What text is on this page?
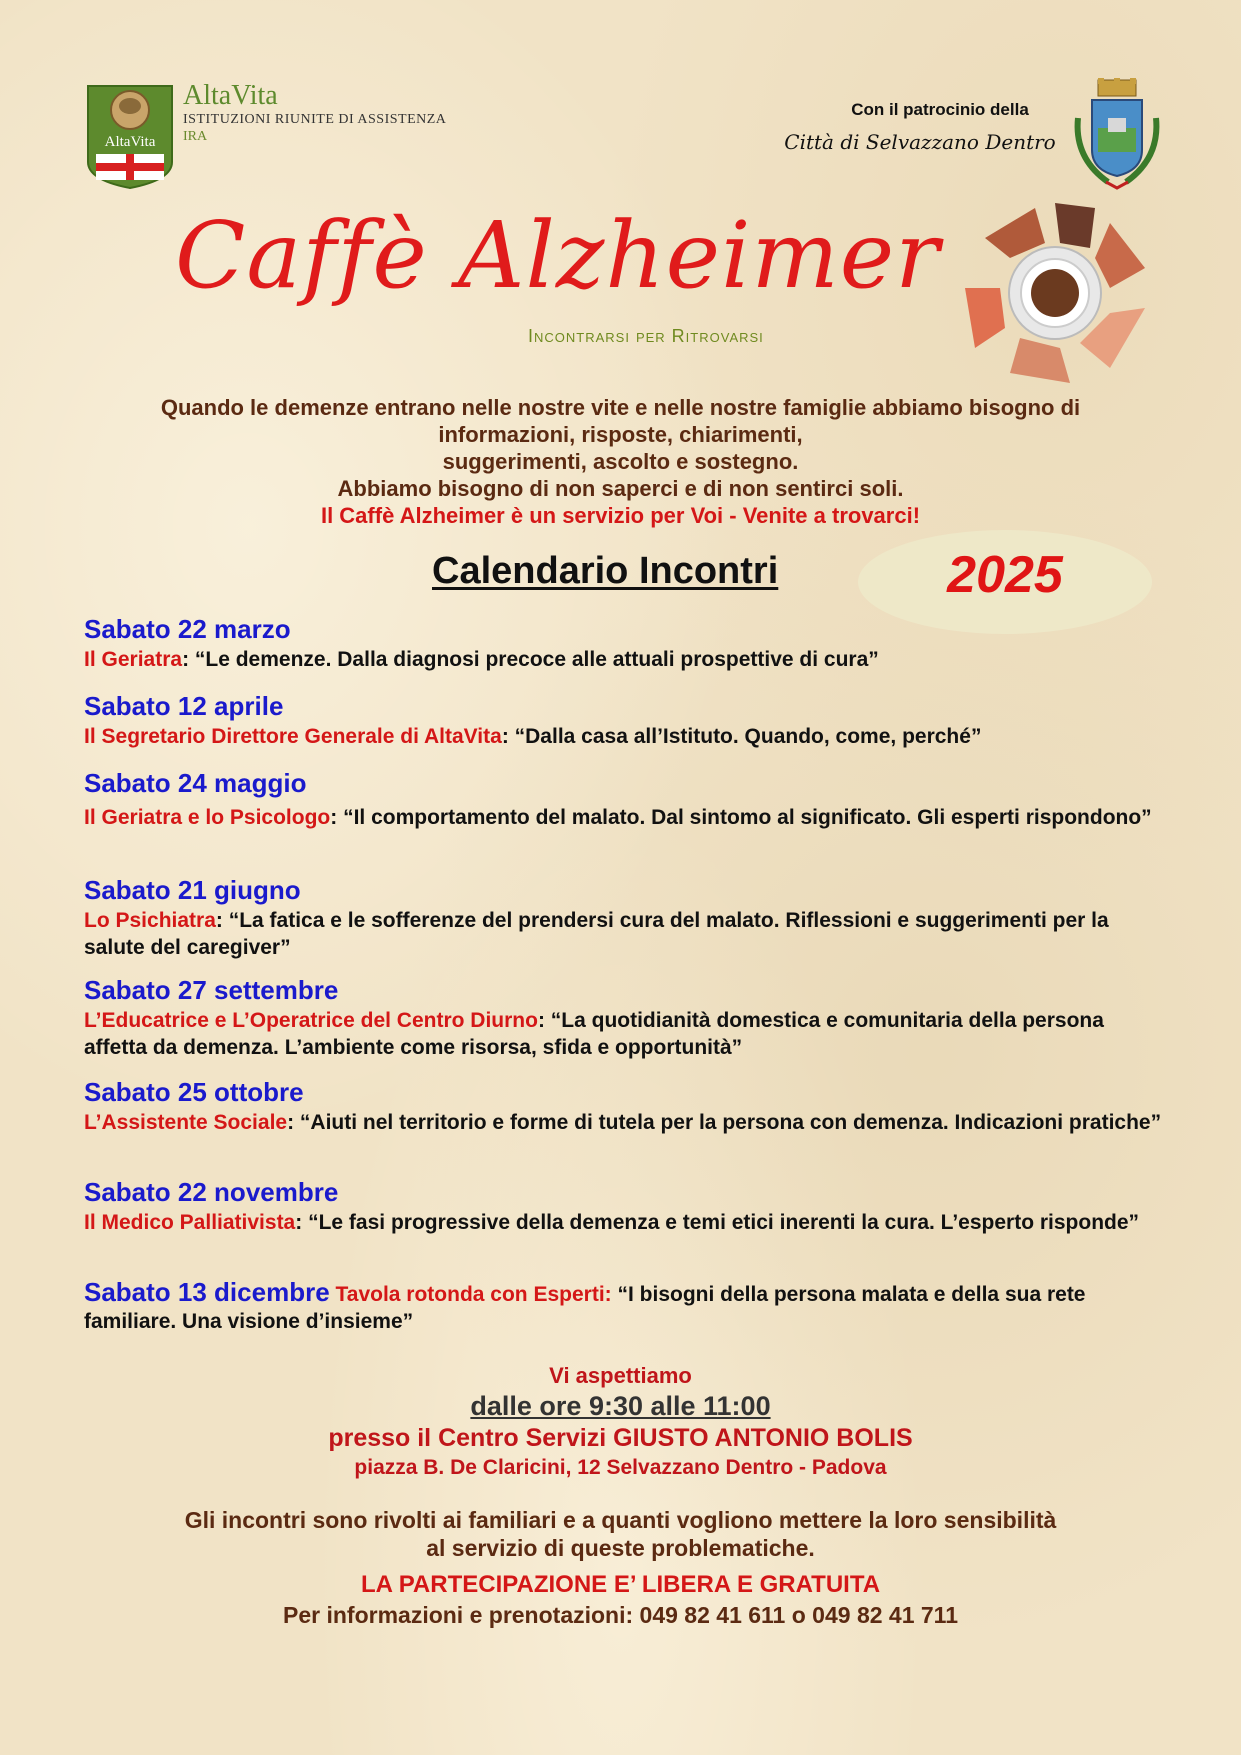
AltaVita
AltaVita
ISTITUZIONI RIUNITE DI ASSISTENZA
IRA
Con il patrocinio della
Città di Selvazzano Dentro
Caffè Alzheimer
Incontrarsi per Ritrovarsi
Quando le demenze entrano nelle nostre vite e nelle nostre famiglie abbiamo bisogno di
informazioni, risposte, chiarimenti,
suggerimenti, ascolto e sostegno.
Abbiamo bisogno di non saperci e di non sentirci soli.
Il Caffè Alzheimer è un servizio per Voi - Venite a trovarci!
2025
Calendario Incontri
Sabato 22 marzo
Il Geriatra: “Le demenze. Dalla diagnosi precoce alle attuali prospettive di cura”
Sabato 12 aprile
Il Segretario Direttore Generale di AltaVita: “Dalla casa all’Istituto. Quando, come, perché”
Sabato 24 maggio
Il Geriatra e lo Psicologo: “Il comportamento del malato. Dal sintomo al significato. Gli esperti rispondono”
Sabato 21 giugno
Lo Psichiatra: “La fatica e le sofferenze del prendersi cura del malato. Riflessioni e suggerimenti per la salute del caregiver”
Sabato 27 settembre
L’Educatrice e L’Operatrice del Centro Diurno: “La quotidianità domestica e comunitaria della persona affetta da demenza. L’ambiente come risorsa, sfida e opportunità”
Sabato 25 ottobre
L’Assistente Sociale: “Aiuti nel territorio e forme di tutela per la persona con demenza. Indicazioni pratiche”
Sabato 22 novembre
Il Medico Palliativista: “Le fasi progressive della demenza e temi etici inerenti la cura. L’esperto risponde”
Sabato 13 dicembre Tavola rotonda con Esperti: “I bisogni della persona malata e della sua rete familiare. Una visione d’insieme”
Vi aspettiamo
dalle ore 9:30 alle 11:00
presso il Centro Servizi GIUSTO ANTONIO BOLIS
piazza B. De Claricini, 12 Selvazzano Dentro - Padova
Gli incontri sono rivolti ai familiari e a quanti vogliono mettere la loro sensibilità
al servizio di queste problematiche.
LA PARTECIPAZIONE E’ LIBERA E GRATUITA
Per informazioni e prenotazioni: 049 82 41 611 o 049 82 41 711
